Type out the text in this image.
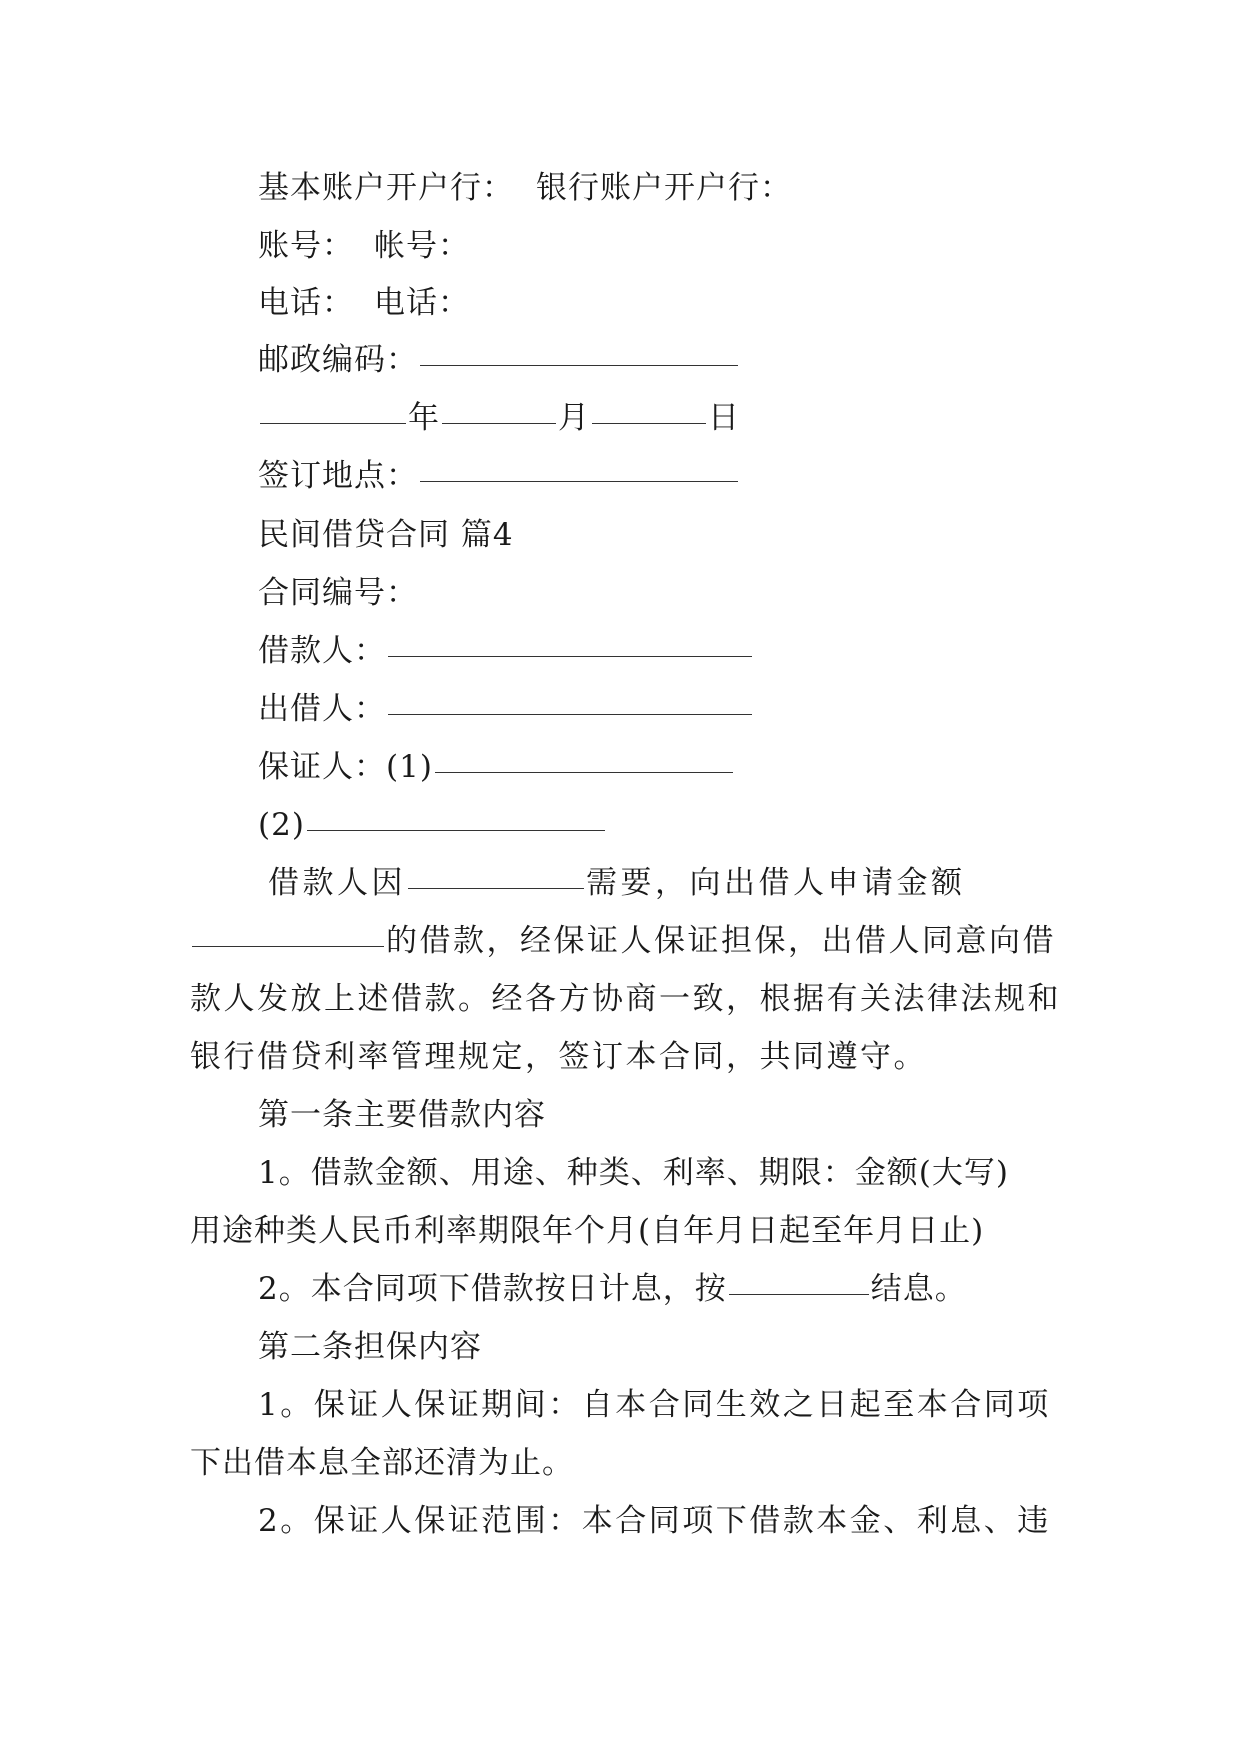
基本账户开户行： 银行账户开户行：
账号： 帐号：
电话： 电话：
邮政编码：
年	月	日
签订地点：
民间借贷合同 篇4
合同编号：
借款人：
出借人：
保证人：(1)
(2)
借款人因	需要，向出借人申请金额
的借款，经保证人保证担保，出借人同意向借
款人发放上述借款。经各方协商一致，根据有关法律法规和
银行借贷利率管理规定，签订本合同，共同遵守。
第一条主要借款内容
1。借款金额、用途、种类、利率、期限：金额(大写)
用途种类人民币利率期限年个月(自年月日起至年月日止)
2。本合同项下借款按日计息，按	结息。
第二条担保内容
1。保证人保证期间：自本合同生效之日起至本合同项
下出借本息全部还清为止。
2。保证人保证范围：本合同项下借款本金、利息、违
